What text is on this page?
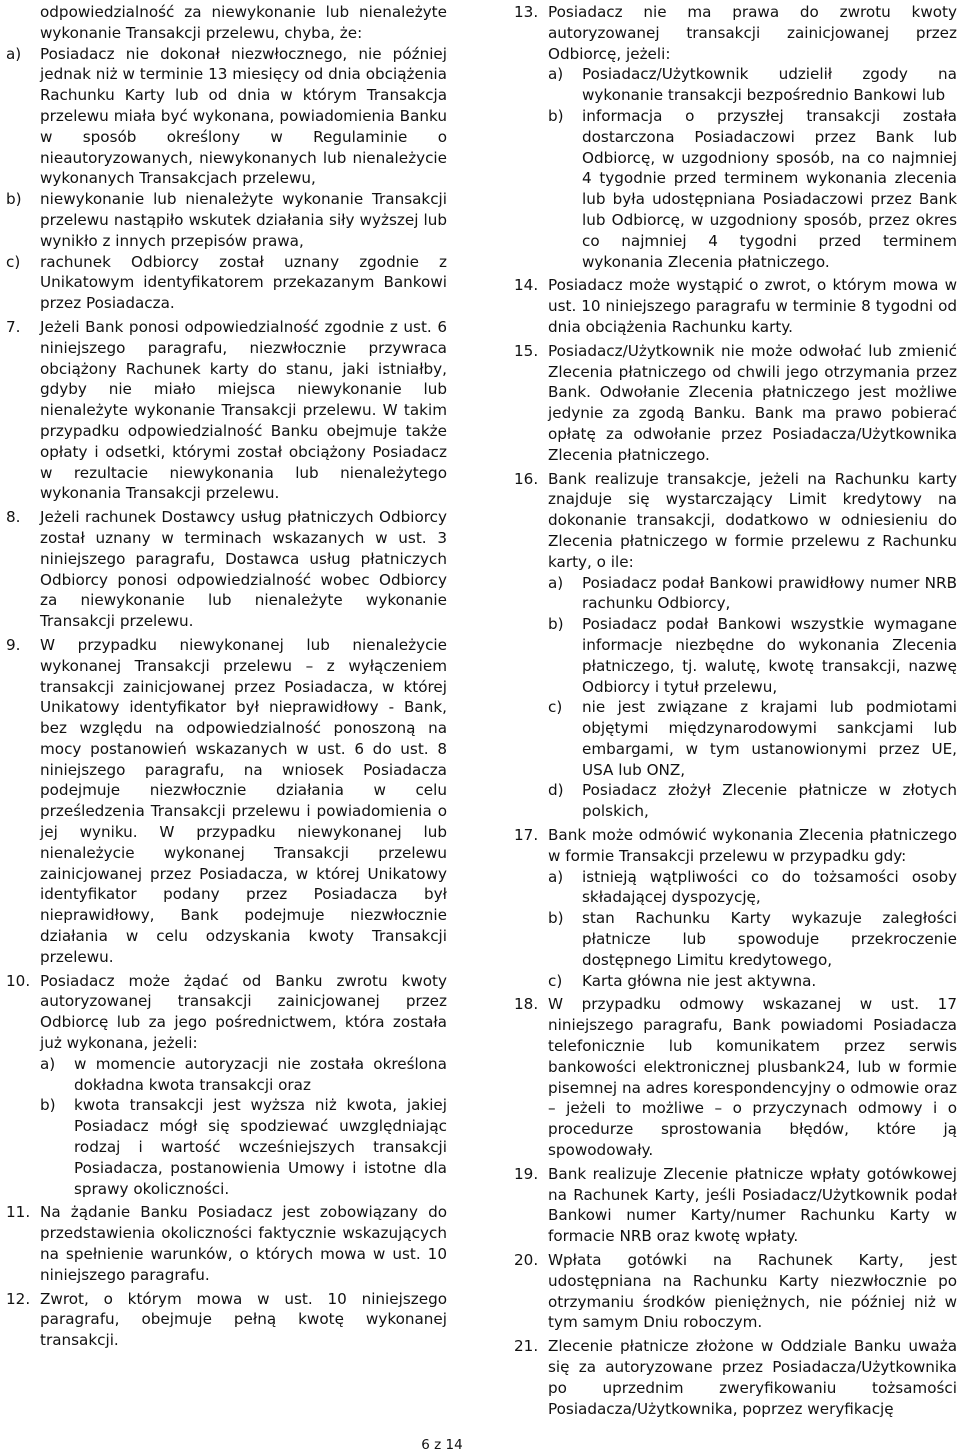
odpowiedzialność za niewykonanie lub nienależyte wykonanie Transakcji przelewu, chyba, że:

a) Posiadacz nie dokonał niezwłocznego, nie później jednak niż w terminie 13 miesięcy od dnia obciążenia Rachunku Karty lub od dnia w którym Transakcja przelewu miała być wykonana, powiadomienia Banku w sposób określony w Regulaminie o nieautoryzowanych, niewykonanych lub nienależycie wykonanych Transakcjach przelewu,

b) niewykonanie lub nienależyte wykonanie Transakcji przelewu nastąpiło wskutek działania siły wyższej lub wynikło z innych przepisów prawa,

c) rachunek Odbiorcy został uznany zgodnie z Unikatowym identyfikatorem przekazanym Bankowi przez Posiadacza.

7. Jeżeli Bank ponosi odpowiedzialność zgodnie z ust. 6 niniejszego paragrafu, niezwłocznie przywraca obciążony Rachunek karty do stanu, jaki istniałby, gdyby nie miało miejsca niewykonanie lub nienależyte wykonanie Transakcji przelewu. W takim przypadku odpowiedzialność Banku obejmuje także opłaty i odsetki, którymi został obciążony Posiadacz w rezultacie niewykonania lub nienależytego wykonania Transakcji przelewu.

8. Jeżeli rachunek Dostawcy usług płatniczych Odbiorcy został uznany w terminach wskazanych w ust. 3 niniejszego paragrafu, Dostawca usług płatniczych Odbiorcy ponosi odpowiedzialność wobec Odbiorcy za niewykonanie lub nienależyte wykonanie Transakcji przelewu.

9. W przypadku niewykonanej lub nienależycie wykonanej Transakcji przelewu – z wyłączeniem transakcji zainicjowanej przez Posiadacza, w której Unikatowy identyfikator był nieprawidłowy - Bank, bez względu na odpowiedzialność ponoszoną na mocy postanowień wskazanych w ust. 6 do ust. 8 niniejszego paragrafu, na wniosek Posiadacza podejmuje niezwłocznie działania w celu prześledzenia Transakcji przelewu i powiadomienia o jej wyniku. W przypadku niewykonanej lub nienależycie wykonanej Transakcji przelewu zainicjowanej przez Posiadacza, w której Unikatowy identyfikator podany przez Posiadacza był nieprawidłowy, Bank podejmuje niezwłocznie działania w celu odzyskania kwoty Transakcji przelewu.

10. Posiadacz może żądać od Banku zwrotu kwoty autoryzowanej transakcji zainicjowanej przez Odbiorcę lub za jego pośrednictwem, która została już wykonana, jeżeli:

a) w momencie autoryzacji nie została określona dokładna kwota transakcji oraz

b) kwota transakcji jest wyższa niż kwota, jakiej Posiadacz mógł się spodziewać uwzględniając rodzaj i wartość wcześniejszych transakcji Posiadacza, postanowienia Umowy i istotne dla sprawy okoliczności.

11. Na żądanie Banku Posiadacz jest zobowiązany do przedstawienia okoliczności faktycznie wskazujących na spełnienie warunków, o których mowa w ust. 10 niniejszego paragrafu.

12. Zwrot, o którym mowa w ust. 10 niniejszego paragrafu, obejmuje pełną kwotę wykonanej transakcji.

13. Posiadacz nie ma prawa do zwrotu kwoty autoryzowanej transakcji zainicjowanej przez Odbiorcę, jeżeli:

a) Posiadacz/Użytkownik udzielił zgody na wykonanie transakcji bezpośrednio Bankowi lub

b) informacja o przyszłej transakcji została dostarczona Posiadaczowi przez Bank lub Odbiorcę, w uzgodniony sposób, na co najmniej 4 tygodnie przed terminem wykonania zlecenia lub była udostępniana Posiadaczowi przez Bank lub Odbiorcę, w uzgodniony sposób, przez okres co najmniej 4 tygodni przed terminem wykonania Zlecenia płatniczego.

14. Posiadacz może wystąpić o zwrot, o którym mowa w ust. 10 niniejszego paragrafu w terminie 8 tygodni od dnia obciążenia Rachunku karty.

15. Posiadacz/Użytkownik nie może odwołać lub zmienić Zlecenia płatniczego od chwili jego otrzymania przez Bank. Odwołanie Zlecenia płatniczego jest możliwe jedynie za zgodą Banku. Bank ma prawo pobierać opłatę za odwołanie przez Posiadacza/Użytkownika Zlecenia płatniczego.

16. Bank realizuje transakcje, jeżeli na Rachunku karty znajduje się wystarczający Limit kredytowy na dokonanie transakcji, dodatkowo w odniesieniu do Zlecenia płatniczego w formie przelewu z Rachunku karty, o ile:

a) Posiadacz podał Bankowi prawidłowy numer NRB rachunku Odbiorcy,

b) Posiadacz podał Bankowi wszystkie wymagane informacje niezbędne do wykonania Zlecenia płatniczego, tj. walutę, kwotę transakcji, nazwę Odbiorcy i tytuł przelewu,

c) nie jest związane z krajami lub podmiotami objętymi międzynarodowymi sankcjami lub embargami, w tym ustanowionymi przez UE, USA lub ONZ,

d) Posiadacz złożył Zlecenie płatnicze w złotych polskich,

17. Bank może odmówić wykonania Zlecenia płatniczego w formie Transakcji przelewu w przypadku gdy:

a) istnieją wątpliwości co do tożsamości osoby składającej dyspozycję,

b) stan Rachunku Karty wykazuje zaległości płatnicze lub spowoduje przekroczenie dostępnego Limitu kredytowego,

c) Karta główna nie jest aktywna.

18. W przypadku odmowy wskazanej w ust. 17 niniejszego paragrafu, Bank powiadomi Posiadacza telefonicznie lub komunikatem przez serwis bankowości elektronicznej plusbank24, lub w formie pisemnej na adres korespondencyjny o odmowie oraz – jeżeli to możliwe – o przyczynach odmowy i o procedurze sprostowania błędów, które ją spowodowały.

19. Bank realizuje Zlecenie płatnicze wpłaty gotówkowej na Rachunek Karty, jeśli Posiadacz/Użytkownik podał Bankowi numer Karty/numer Rachunku Karty w formacie NRB oraz kwotę wpłaty.

20. Wpłata gotówki na Rachunek Karty, jest udostępniana na Rachunku Karty niezwłocznie po otrzymaniu środków pieniężnych, nie później niż w tym samym Dniu roboczym.

21. Zlecenie płatnicze złożone w Oddziale Banku uważa się za autoryzowane przez Posiadacza/Użytkownika po uprzednim zweryfikowaniu tożsamości Posiadacza/Użytkownika, poprzez weryfikację

6 z 14
